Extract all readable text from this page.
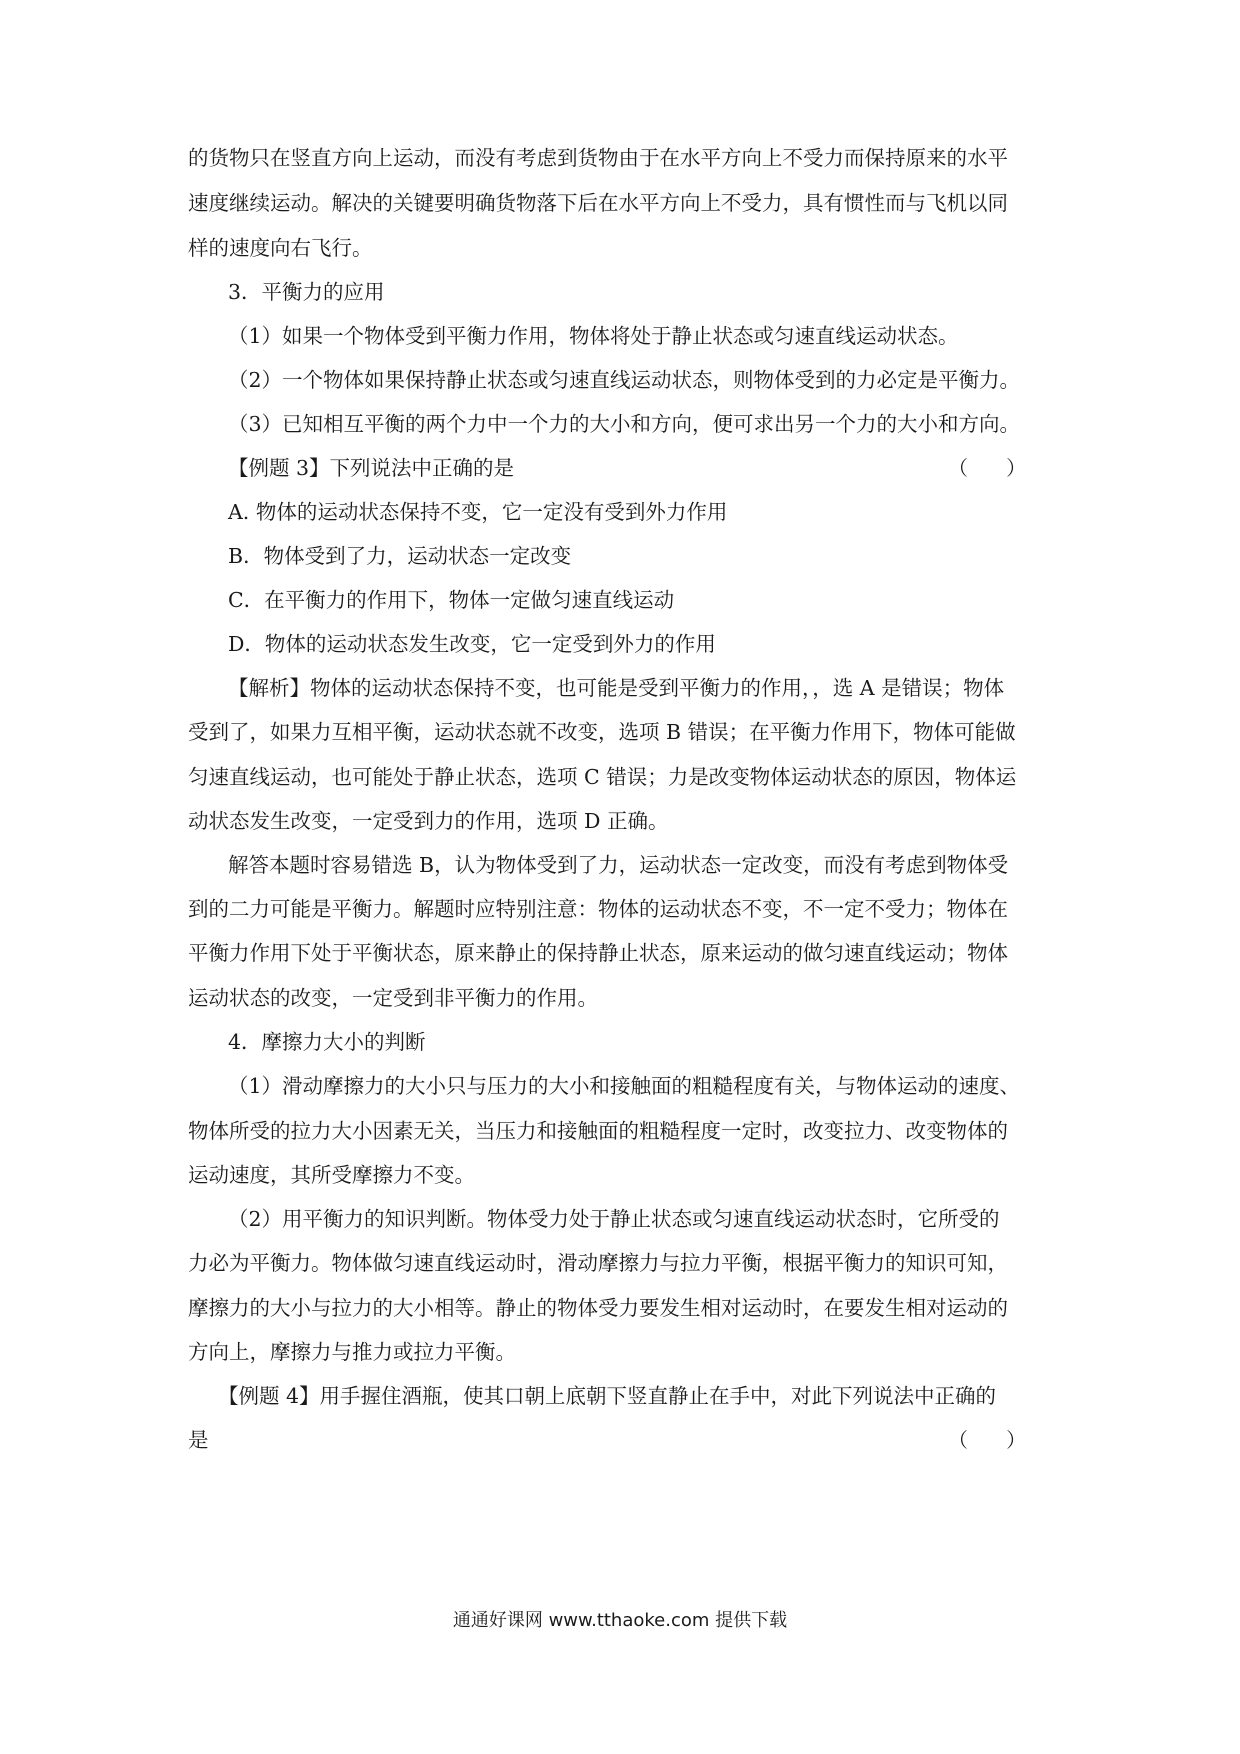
的货物只在竖直方向上运动，而没有考虑到货物由于在水平方向上不受力而保持原来的水平
速度继续运动。解决的关键要明确货物落下后在水平方向上不受力，具有惯性而与飞机以同
样的速度向右飞行。
3．平衡力的应用
（1）如果一个物体受到平衡力作用，物体将处于静止状态或匀速直线运动状态。
（2）一个物体如果保持静止状态或匀速直线运动状态，则物体受到的力必定是平衡力。
（3）已知相互平衡的两个力中一个力的大小和方向，便可求出另一个力的大小和方向。
【例题 3】下列说法中正确的是	（      ）
A. 物体的运动状态保持不变，它一定没有受到外力作用
B．物体受到了力，运动状态一定改变
C．在平衡力的作用下，物体一定做匀速直线运动
D．物体的运动状态发生改变，它一定受到外力的作用
【解析】物体的运动状态保持不变，也可能是受到平衡力的作用，，选 A 是错误；物体
受到了，如果力互相平衡，运动状态就不改变，选项 B 错误；在平衡力作用下，物体可能做
匀速直线运动，也可能处于静止状态，选项 C 错误；力是改变物体运动状态的原因，物体运
动状态发生改变，一定受到力的作用，选项 D 正确。
解答本题时容易错选 B，认为物体受到了力，运动状态一定改变，而没有考虑到物体受
到的二力可能是平衡力。解题时应特别注意：物体的运动状态不变，不一定不受力；物体在
平衡力作用下处于平衡状态，原来静止的保持静止状态，原来运动的做匀速直线运动；物体
运动状态的改变，一定受到非平衡力的作用。
4．摩擦力大小的判断
（1）滑动摩擦力的大小只与压力的大小和接触面的粗糙程度有关，与物体运动的速度、
物体所受的拉力大小因素无关，当压力和接触面的粗糙程度一定时，改变拉力、改变物体的
运动速度，其所受摩擦力不变。
（2）用平衡力的知识判断。物体受力处于静止状态或匀速直线运动状态时，它所受的
力必为平衡力。物体做匀速直线运动时，滑动摩擦力与拉力平衡，根据平衡力的知识可知，
摩擦力的大小与拉力的大小相等。静止的物体受力要发生相对运动时，在要发生相对运动的
方向上，摩擦力与推力或拉力平衡。
【例题 4】用手握住酒瓶，使其口朝上底朝下竖直静止在手中，对此下列说法中正确的
是	（      ）
通通好课网 www.tthaoke.com 提供下载
